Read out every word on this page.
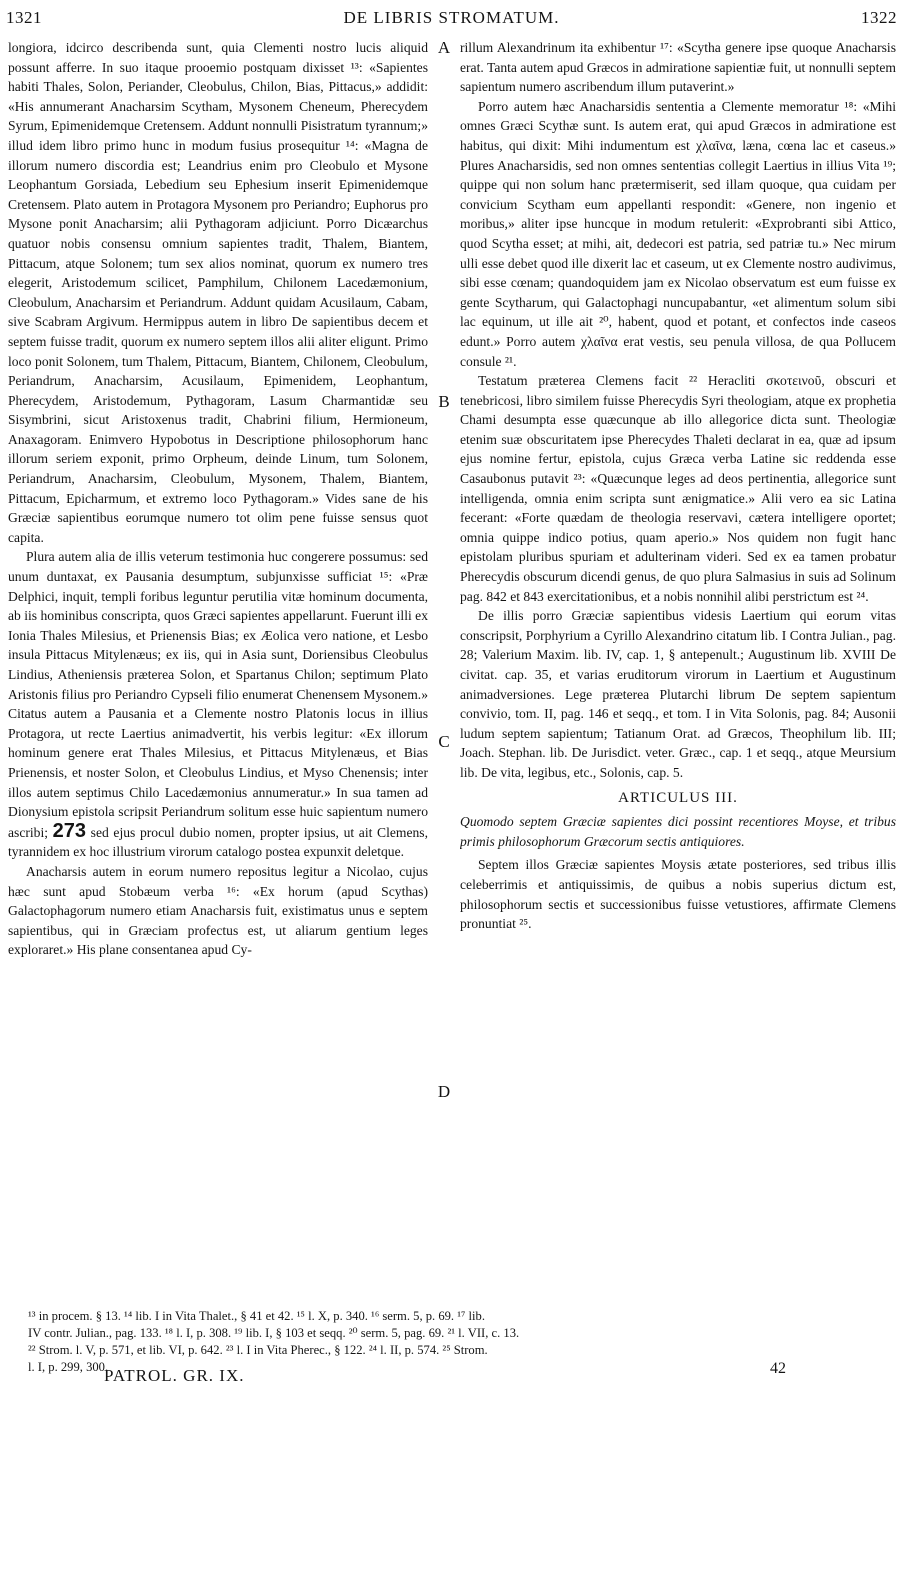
1321	DE LIBRIS STROMATUM.	1322

longiora, idcirco describenda sunt, quia Clementi nostro lucis aliquid possunt afferre. In suo itaque prooemio postquam dixisset ¹³: «Sapientes habiti Thales, Solon, Periander, Cleobulus, Chilon, Bias, Pittacus,» addidit: «His annumerant Anacharsim Scytham, Mysonem Cheneum, Pherecydem Syrum, Epimenidemque Cretensem. Addunt nonnulli Pisistratum tyrannum;» illud idem libro primo hunc in modum fusius prosequitur ¹⁴: «Magna de illorum numero discordia est; Leandrius enim pro Cleobulo et Mysone Leophantum Gorsiada, Lebedium seu Ephesium inserit Epimenidemque Cretensem. Plato autem in Protagora Mysonem pro Periandro; Euphorus pro Mysone ponit Anacharsim; alii Pythagoram adjiciunt. Porro Dicæarchus quatuor nobis consensu omnium sapientes tradit, Thalem, Biantem, Pittacum, atque Solonem; tum sex alios nominat, quorum ex numero tres elegerit, Aristodemum scilicet, Pamphilum, Chilonem Lacedæmonium, Cleobulum, Anacharsim et Periandrum. Addunt quidam Acusilaum, Cabam, sive Scabram Argivum. Hermippus autem in libro De sapientibus decem et septem fuisse tradit, quorum ex numero septem illos alii aliter eligunt. Primo loco ponit Solonem, tum Thalem, Pittacum, Biantem, Chilonem, Cleobulum, Periandrum, Anacharsim, Acusilaum, Epimenidem, Leophantum, Pherecydem, Aristodemum, Pythagoram, Lasum Charmantidæ seu Sisymbrini, sicut Aristoxenus tradit, Chabrini filium, Hermioneum, Anaxagoram. Enimvero Hypobotus in Descriptione philosophorum hanc illorum seriem exponit, primo Orpheum, deinde Linum, tum Solonem, Periandrum, Anacharsim, Cleobulum, Mysonem, Thalem, Biantem, Pittacum, Epicharmum, et extremo loco Pythagoram.» Vides sane de his Græciæ sapientibus eorumque numero tot olim pene fuisse sensus quot capita.

Plura autem alia de illis veterum testimonia huc congerere possumus: sed unum duntaxat, ex Pausania desumptum, subjunxisse sufficiat ¹⁵: «Præ Delphici, inquit, templi foribus leguntur perutilia vitæ hominum documenta, ab iis hominibus conscripta, quos Græci sapientes appellarunt. Fuerunt illi ex Ionia Thales Milesius, et Prienensis Bias; ex Æolica vero natione, et Lesbo insula Pittacus Mitylenæus; ex iis, qui in Asia sunt, Doriensibus Cleobulus Lindius, Atheniensis præterea Solon, et Spartanus Chilon; septimum Plato Aristonis filius pro Periandro Cypseli filio enumerat Chenensem Mysonem.» Citatus autem a Pausania et a Clemente nostro Platonis locus in illius Protagora, ut recte Laertius animadvertit, his verbis legitur: «Ex illorum hominum genere erat Thales Milesius, et Pittacus Mitylenæus, et Bias Prienensis, et noster Solon, et Cleobulus Lindius, et Myso Chenensis; inter illos autem septimus Chilo Lacedæmonius annumeratur.» In sua tamen ad Dionysium epistola scripsit Periandrum solitum esse huic sapientum numero ascribi; 273 sed ejus procul dubio nomen, propter ipsius, ut ait Clemens, tyrannidem ex hoc illustrium virorum catalogo postea expunxit deletque.

Anacharsis autem in eorum numero repositus legitur a Nicolao, cujus hæc sunt apud Stobæum verba ¹⁶: «Ex horum (apud Scythas) Galactophagorum numero etiam Anacharsis fuit, existimatus unus e septem sapientibus, qui in Græciam profectus est, ut aliarum gentium leges exploraret.» His plane consentanea apud Cy-

A
B
C
D

rillum Alexandrinum ita exhibentur ¹⁷: «Scytha genere ipse quoque Anacharsis erat. Tanta autem apud Græcos in admiratione sapientiæ fuit, ut nonnulli septem sapientum numero ascribendum illum putaverint.»

Porro autem hæc Anacharsidis sententia a Clemente memoratur ¹⁸: «Mihi omnes Græci Scythæ sunt. Is autem erat, qui apud Græcos in admiratione est habitus, qui dixit: Mihi indumentum est χλαῖνα, læna, cœna lac et caseus.» Plures Anacharsidis, sed non omnes sententias collegit Laertius in illius Vita ¹⁹; quippe qui non solum hanc prætermiserit, sed illam quoque, qua cuidam per convicium Scytham eum appellanti respondit: «Genere, non ingenio et moribus,» aliter ipse huncque in modum retulerit: «Exprobranti sibi Attico, quod Scytha esset; at mihi, ait, dedecori est patria, sed patriæ tu.» Nec mirum ulli esse debet quod ille dixerit lac et caseum, ut ex Clemente nostro audivimus, sibi esse cœnam; quandoquidem jam ex Nicolao observatum est eum fuisse ex gente Scytharum, qui Galactophagi nuncupabantur, «et alimentum solum sibi lac equinum, ut ille ait ²⁰, habent, quod et potant, et confectos inde caseos edunt.» Porro autem χλαῖνα erat vestis, seu penula villosa, de qua Pollucem consule ²¹.

Testatum præterea Clemens facit ²² Heracliti σκοτεινοῦ, obscuri et tenebricosi, libro similem fuisse Pherecydis Syri theologiam, atque ex prophetia Chami desumpta esse quæcunque ab illo allegorice dicta sunt. Theologiæ etenim suæ obscuritatem ipse Pherecydes Thaleti declarat in ea, quæ ad ipsum ejus nomine fertur, epistola, cujus Græca verba Latine sic reddenda esse Casaubonus putavit ²³: «Quæcunque leges ad deos pertinentia, allegorice sunt intelligenda, omnia enim scripta sunt ænigmatice.» Alii vero ea sic Latina fecerant: «Forte quædam de theologia reservavi, cætera intelligere oportet; omnia quippe indico potius, quam aperio.» Nos quidem non fugit hanc epistolam pluribus spuriam et adulterinam videri. Sed ex ea tamen probatur Pherecydis obscurum dicendi genus, de quo plura Salmasius in suis ad Solinum pag. 842 et 843 exercitationibus, et a nobis nonnihil alibi perstrictum est ²⁴.

De illis porro Græciæ sapientibus videsis Laertium qui eorum vitas conscripsit, Porphyrium a Cyrillo Alexandrino citatum lib. I Contra Julian., pag. 28; Valerium Maxim. lib. IV, cap. 1, § antepenult.; Augustinum lib. XVIII De civitat. cap. 35, et varias eruditorum virorum in Laertium et Augustinum animadversiones. Lege præterea Plutarchi librum De septem sapientum convivio, tom. II, pag. 146 et seqq., et tom. I in Vita Solonis, pag. 84; Ausonii ludum septem sapientum; Tatianum Orat. ad Græcos, Theophilum lib. III; Joach. Stephan. lib. De Jurisdict. veter. Græc., cap. 1 et seqq., atque Meursium lib. De vita, legibus, etc., Solonis, cap. 5.

ARTICULUS III.

Quomodo septem Græciæ sapientes dici possint recentiores Moyse, et tribus primis philosophorum Græcorum sectis antiquiores.

Septem illos Græciæ sapientes Moysis ætate posteriores, sed tribus illis celeberrimis et antiquissimis, de quibus a nobis superius dictum est, philosophorum sectis et successionibus fuisse vetustiores, affirmate Clemens pronuntiat ²⁵.

¹³ in procem. § 13. ¹⁴ lib. I in Vita Thalet., § 41 et 42. ¹⁵ l. X, p. 340. ¹⁶ serm. 5, p. 69. ¹⁷ lib.
IV contr. Julian., pag. 133. ¹⁸ l. I, p. 308. ¹⁹ lib. I, § 103 et seqq. ²⁰ serm. 5, pag. 69. ²¹ l. VII, c. 13.
²² Strom. l. V, p. 571, et lib. VI, p. 642. ²³ l. I in Vita Pherec., § 122. ²⁴ l. II, p. 574. ²⁵ Strom.
l. I, p. 299, 300.
PATROL. GR. IX.	42
